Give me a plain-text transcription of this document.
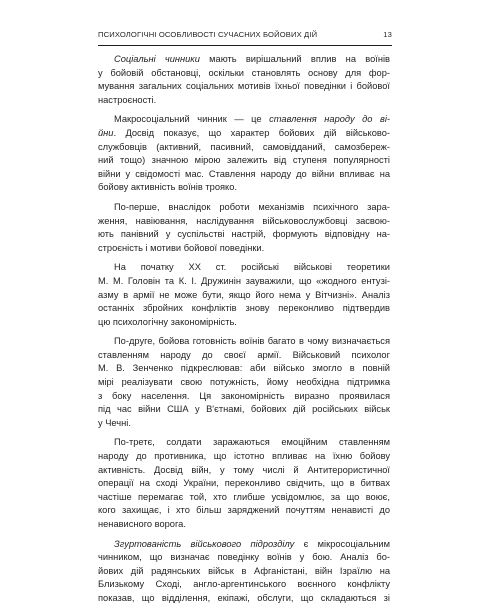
ПСИХОЛОГІЧНІ ОСОБЛИВОСТІ СУЧАСНИХ БОЙОВИХ ДІЙ	13

Соціальні чинники мають вирішальний вплив на воїнів
у бойовій обстановці, оскільки становлять основу для фор-
мування загальних соціальних мотивів їхньої поведінки і бойової
настроєності.

Макросоціальний чинник — це ставлення народу до ві-
йни. Досвід показує, що характер бойових дій військово-
службовців (активний, пасивний, самовідданий, самозбереж-
ний тощо) значною мірою залежить від ступеня популярності
війни у свідомості мас. Ставлення народу до війни впливає на
бойову активність воїнів трояко.

По-перше, внаслідок роботи механізмів психічного зара-
ження, навіювання, наслідування військовослужбовці засвою-
ють панівний у суспільстві настрій, формують відповідну на-
строєність і мотиви бойової поведінки.

На початку XX ст. російські військові теоретики
М. М. Головін та К. І. Дружинін зауважили, що «жодного ентузі-
азму в армії не може бути, якщо його нема у Вітчизні». Аналіз
останніх збройних конфліктів знову переконливо підтвердив
цю психологічну закономірність.

По-друге, бойова готовність воїнів багато в чому визначається
ставленням народу до своєї армії. Військовий психолог
М. В. Зенченко підкреслював: аби військо змогло в повній
мірі реалізувати свою потужність, йому необхідна підтримка
з боку населення. Ця закономірність виразно проявилася
під час війни США у В'єтнамі, бойових дій російських військ
у Чечні.

По-третє, солдати заражаються емоційним ставленням
народу до противника, що істотно впливає на їхню бойову
активність. Досвід війн, у тому числі й Антитерористичної
операції на сході України, переконливо свідчить, що в битвах
частіше перемагає той, хто глибше усвідомлює, за що воює,
кого захищає, і хто більш заряджений почуттям ненависті до
ненависного ворога.

Згуртованість військового підрозділу є мікросоціальним
чинником, що визначає поведінку воїнів у бою. Аналіз бо-
йових дій радянських військ в Афганістані, війн Ізраїлю на
Близькому Сході, англо-аргентинського воєнного конфлікту
показав, що відділення, екіпажі, обслуги, що складаються зі
